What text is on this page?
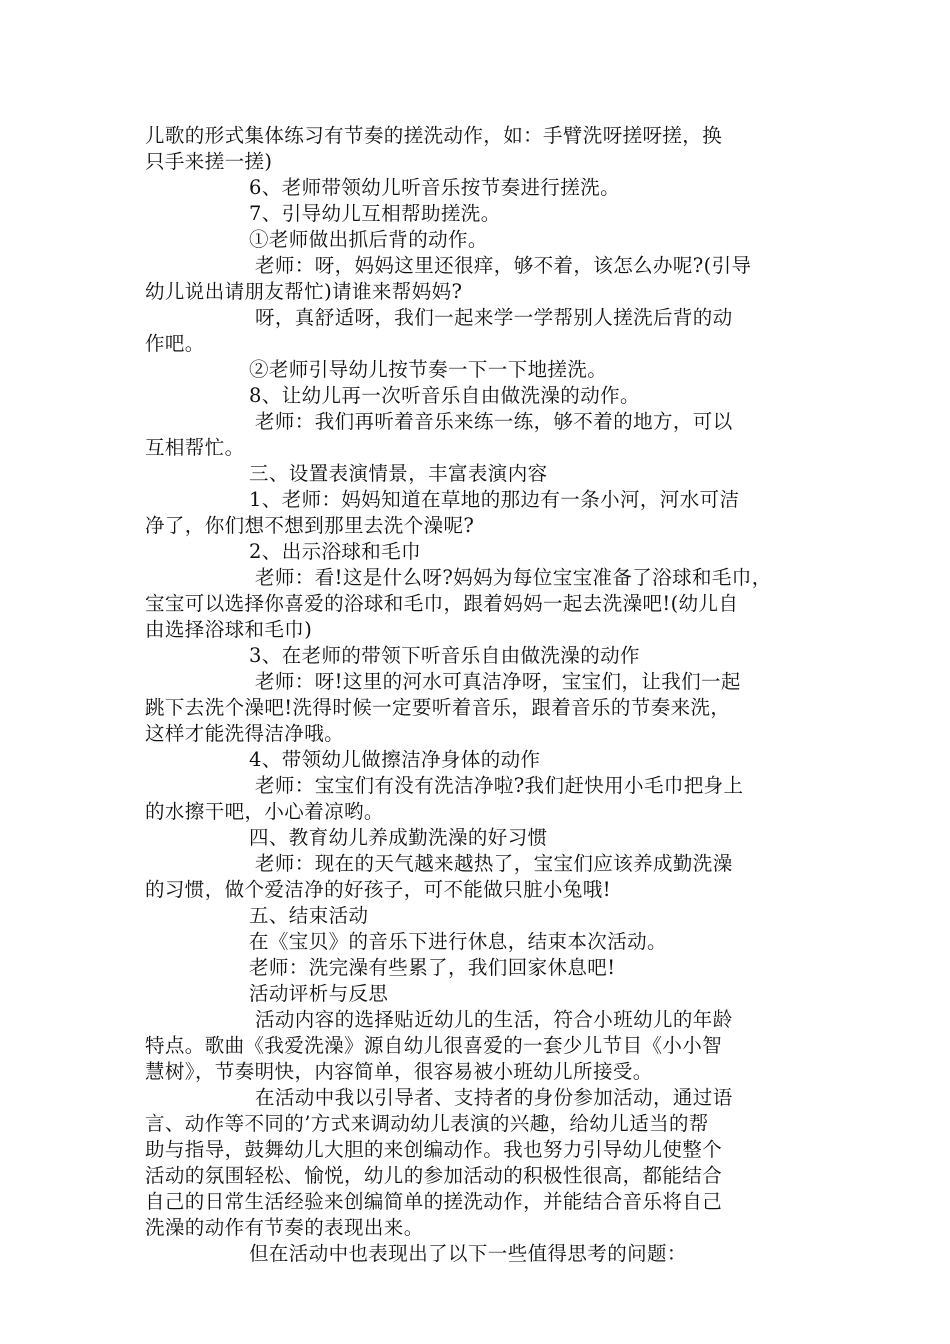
儿歌的形式集体练习有节奏的搓洗动作，如：手臂洗呀搓呀搓，换
只手来搓一搓)
6、老师带领幼儿听音乐按节奏进行搓洗。
7、引导幼儿互相帮助搓洗。
①老师做出抓后背的动作。
老师：呀，妈妈这里还很痒，够不着，该怎么办呢?(引导
幼儿说出请朋友帮忙)请谁来帮妈妈?
呀，真舒适呀，我们一起来学一学帮别人搓洗后背的动
作吧。
②老师引导幼儿按节奏一下一下地搓洗。
8、让幼儿再一次听音乐自由做洗澡的动作。
老师：我们再听着音乐来练一练，够不着的地方，可以
互相帮忙。
三、设置表演情景，丰富表演内容
1、老师：妈妈知道在草地的那边有一条小河，河水可洁
净了，你们想不想到那里去洗个澡呢?
2、出示浴球和毛巾
老师：看!这是什么呀?妈妈为每位宝宝准备了浴球和毛巾，
宝宝可以选择你喜爱的浴球和毛巾，跟着妈妈一起去洗澡吧!(幼儿自
由选择浴球和毛巾)
3、在老师的带领下听音乐自由做洗澡的动作
老师：呀!这里的河水可真洁净呀，宝宝们，让我们一起
跳下去洗个澡吧!洗得时候一定要听着音乐，跟着音乐的节奏来洗，
这样才能洗得洁净哦。
4、带领幼儿做擦洁净身体的动作
老师：宝宝们有没有洗洁净啦?我们赶快用小毛巾把身上
的水擦干吧，小心着凉哟。
四、教育幼儿养成勤洗澡的好习惯
老师：现在的天气越来越热了，宝宝们应该养成勤洗澡
的习惯，做个爱洁净的好孩子，可不能做只脏小兔哦!
五、结束活动
在《宝贝》的音乐下进行休息，结束本次活动。
老师：洗完澡有些累了，我们回家休息吧!
活动评析与反思
活动内容的选择贴近幼儿的生活，符合小班幼儿的年龄
特点。歌曲《我爱洗澡》源自幼儿很喜爱的一套少儿节目《小小智
慧树》，节奏明快，内容简单，很容易被小班幼儿所接受。
在活动中我以引导者、支持者的身份参加活动，通过语
言、动作等不同的’方式来调动幼儿表演的兴趣，给幼儿适当的帮
助与指导，鼓舞幼儿大胆的来创编动作。我也努力引导幼儿使整个
活动的氛围轻松、愉悦，幼儿的参加活动的积极性很高，都能结合
自己的日常生活经验来创编简单的搓洗动作，并能结合音乐将自己
洗澡的动作有节奏的表现出来。
但在活动中也表现出了以下一些值得思考的问题：
